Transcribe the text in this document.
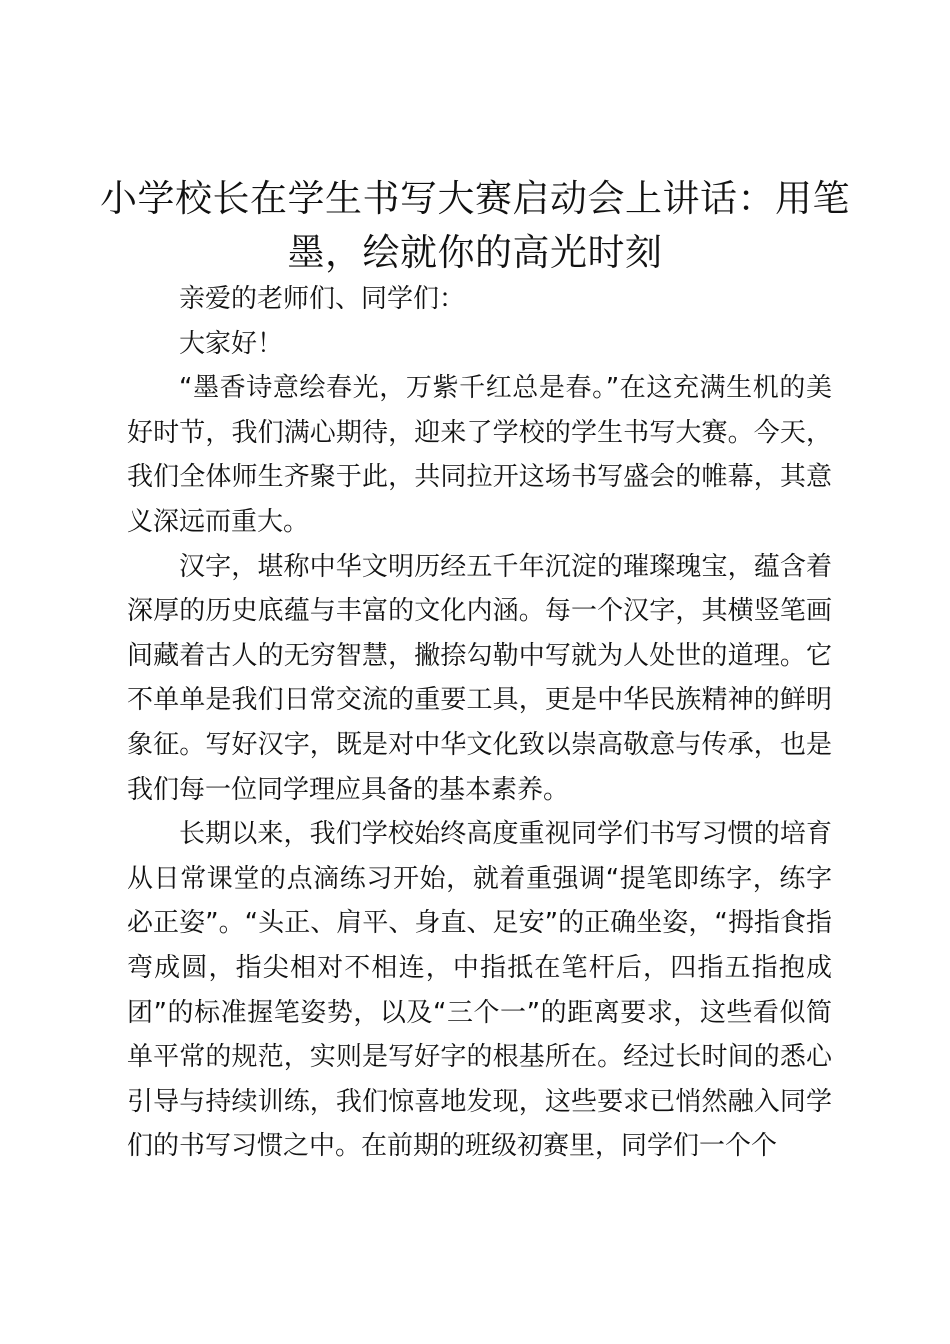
小学校长在学生书写大赛启动会上讲话：用笔墨，绘就你的高光时刻

亲爱的老师们、同学们：

大家好！

“墨香诗意绘春光，万紫千红总是春。”在这充满生机的美好时节，我们满心期待，迎来了学校的学生书写大赛。今天，我们全体师生齐聚于此，共同拉开这场书写盛会的帷幕，其意义深远而重大。

汉字，堪称中华文明历经五千年沉淀的璀璨瑰宝，蕴含着深厚的历史底蕴与丰富的文化内涵。每一个汉字，其横竖笔画间藏着古人的无穷智慧，撇捺勾勒中写就为人处世的道理。它不单单是我们日常交流的重要工具，更是中华民族精神的鲜明象征。写好汉字，既是对中华文化致以崇高敬意与传承，也是我们每一位同学理应具备的基本素养。

长期以来，我们学校始终高度重视同学们书写习惯的培育从日常课堂的点滴练习开始，就着重强调“提笔即练字，练字必正姿”。“头正、肩平、身直、足安”的正确坐姿，“拇指食指弯成圆，指尖相对不相连，中指抵在笔杆后，四指五指抱成团”的标准握笔姿势，以及“三个一”的距离要求，这些看似简单平常的规范，实则是写好字的根基所在。经过长时间的悉心引导与持续训练，我们惊喜地发现，这些要求已悄然融入同学们的书写习惯之中。在前期的班级初赛里，同学们一个个
